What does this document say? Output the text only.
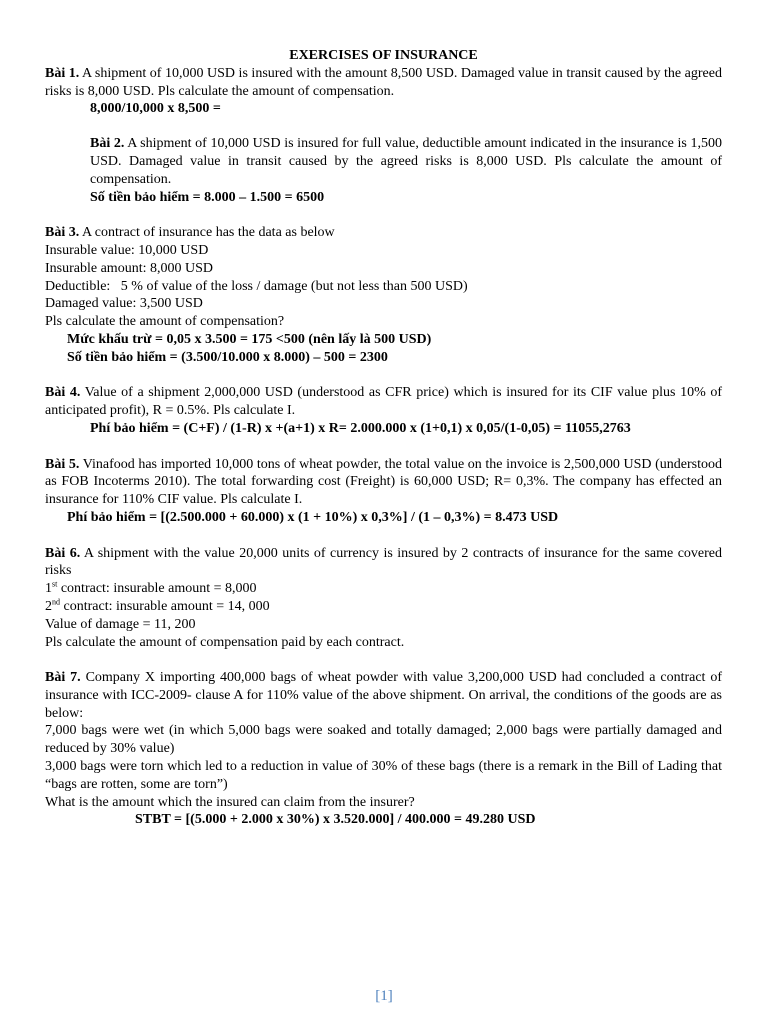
EXERCISES OF INSURANCE

Bài 1. A shipment of 10,000 USD is insured with the amount 8,500 USD. Damaged value in transit caused by the agreed risks is 8,000 USD. Pls calculate the amount of compensation.

8,000/10,000 x 8,500 =

Bài 2. A shipment of 10,000 USD is insured for full value, deductible amount indicated in the insurance is 1,500 USD. Damaged value in transit caused by the agreed risks is 8,000 USD. Pls calculate the amount of compensation.

Số tiền bảo hiểm = 8.000 – 1.500 = 6500

Bài 3. A contract of insurance has the data as below

Insurable value: 10,000 USD

Insurable amount: 8,000 USD

Deductible:   5 % of value of the loss / damage (but not less than 500 USD)

Damaged value: 3,500 USD

Pls calculate the amount of compensation?

Mức khấu trừ = 0,05 x 3.500 = 175 <500 (nên lấy là 500 USD)

Số tiền bảo hiểm = (3.500/10.000 x 8.000) – 500 = 2300

Bài 4. Value of a shipment 2,000,000 USD (understood as CFR price) which is insured for its CIF value plus 10% of anticipated profit), R = 0.5%. Pls calculate I.

Phí bảo hiểm = (C+F) / (1-R) x +(a+1) x R= 2.000.000 x (1+0,1) x 0,05/(1-0,05) = 11055,2763

Bài 5. Vinafood has imported 10,000 tons of wheat powder, the total value on the invoice is 2,500,000 USD (understood as FOB Incoterms 2010). The total forwarding cost (Freight) is 60,000 USD; R= 0,3%. The company has effected an insurance for 110% CIF value. Pls calculate I.

Phí bảo hiểm = [(2.500.000 + 60.000) x (1 + 10%) x 0,3%] / (1 – 0,3%) = 8.473 USD

Bài 6. A shipment with the value 20,000 units of currency is insured by 2 contracts of insurance for the same covered risks

1st contract: insurable amount = 8,000

2nd contract: insurable amount = 14, 000

Value of damage = 11, 200

Pls calculate the amount of compensation paid by each contract.

Bài 7. Company X importing 400,000 bags of wheat powder with value 3,200,000 USD had concluded a contract of insurance with ICC-2009- clause A for 110% value of the above shipment. On arrival, the conditions of the goods are as below:

7,000 bags were wet (in which 5,000 bags were soaked and totally damaged; 2,000 bags were partially damaged and reduced by 30% value)

3,000 bags were torn which led to a reduction in value of 30% of these bags (there is a remark in the Bill of Lading that “bags are rotten, some are torn”)

What is the amount which the insured can claim from the insurer?

STBT = [(5.000 + 2.000 x 30%) x 3.520.000] / 400.000 = 49.280 USD

[1]
